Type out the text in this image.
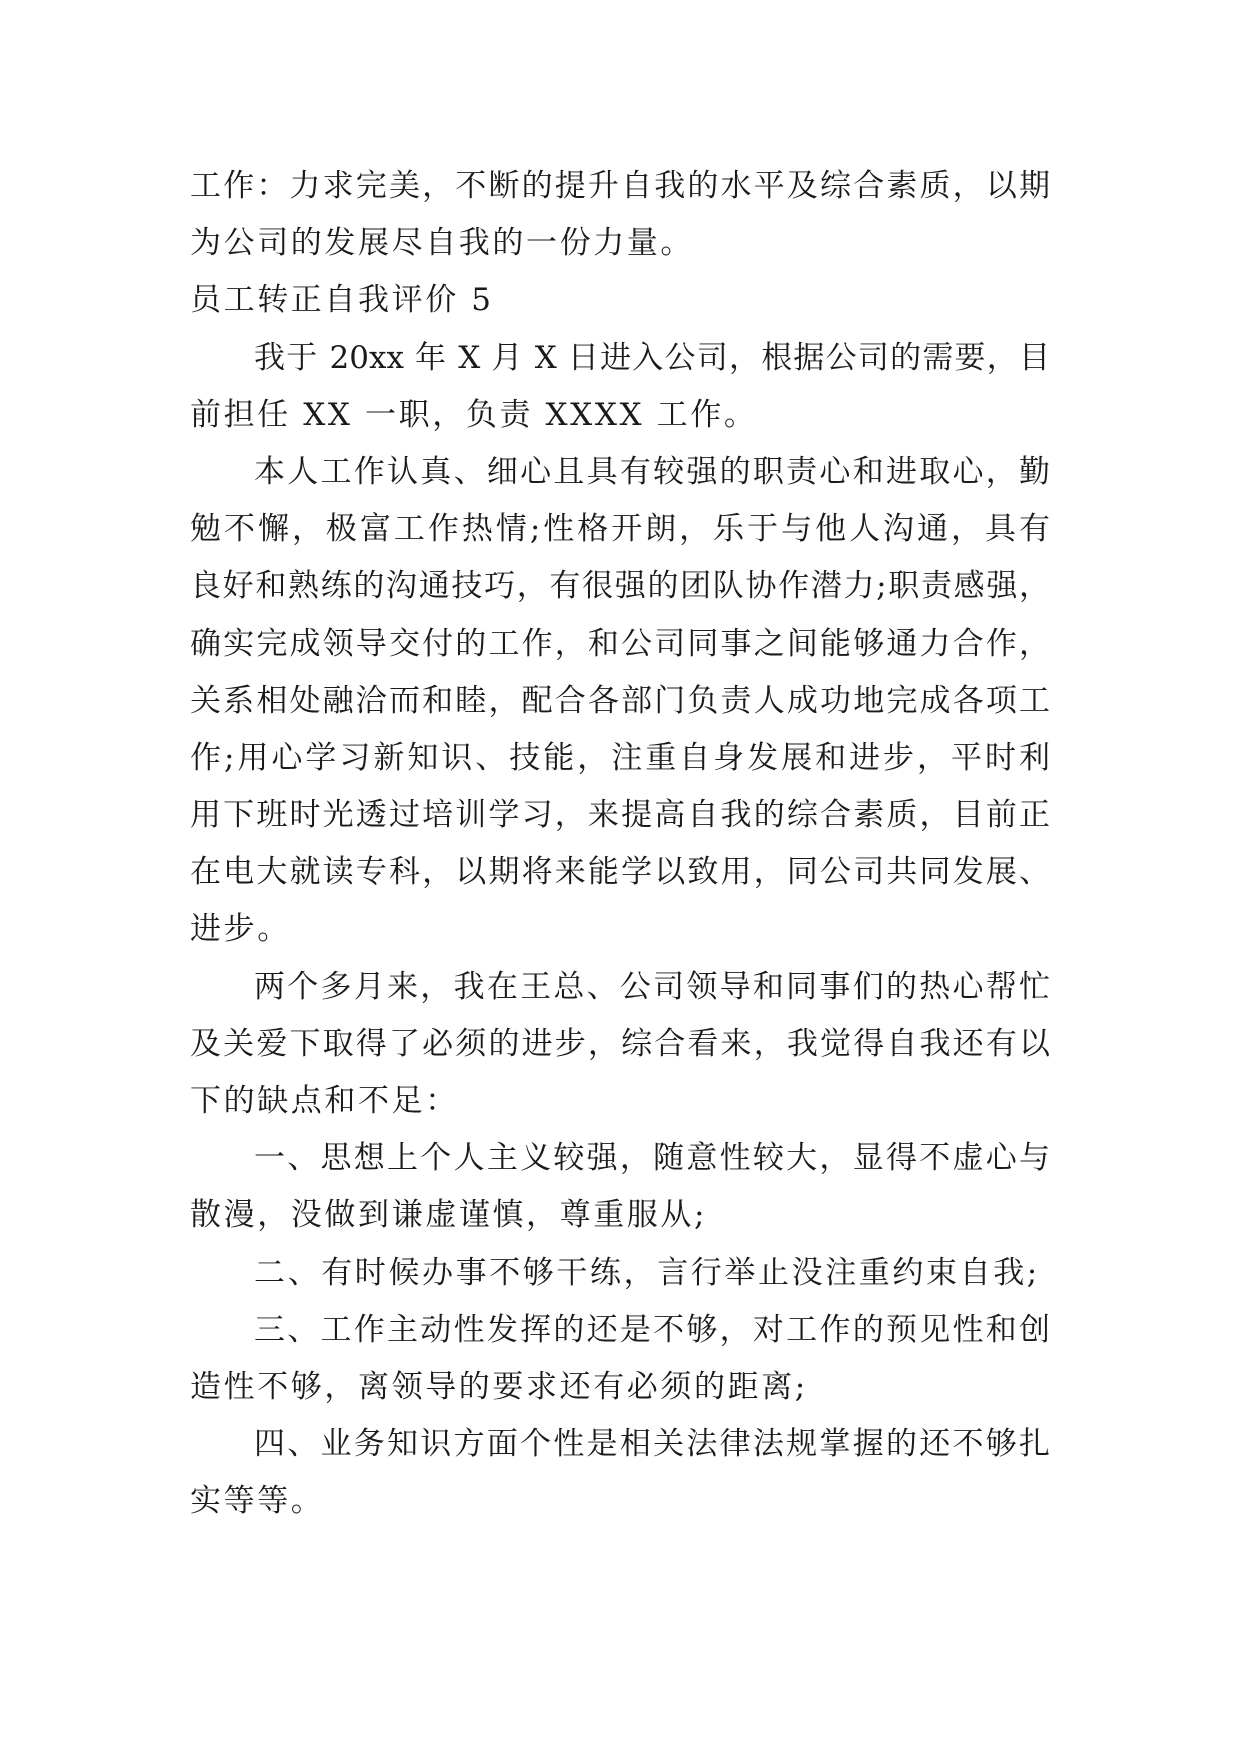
工作：力求完美，不断的提升自我的水平及综合素质，以期
为公司的发展尽自我的一份力量。
员工转正自我评价 5
我于 20xx 年 X 月 X 日进入公司，根据公司的需要，目
前担任 XX 一职，负责 XXXX 工作。
本人工作认真、细心且具有较强的职责心和进取心，勤
勉不懈，极富工作热情;性格开朗，乐于与他人沟通，具有
良好和熟练的沟通技巧，有很强的团队协作潜力;职责感强，
确实完成领导交付的工作，和公司同事之间能够通力合作，
关系相处融洽而和睦，配合各部门负责人成功地完成各项工
作;用心学习新知识、技能，注重自身发展和进步，平时利
用下班时光透过培训学习，来提高自我的综合素质，目前正
在电大就读专科，以期将来能学以致用，同公司共同发展、
进步。
两个多月来，我在王总、公司领导和同事们的热心帮忙
及关爱下取得了必须的进步，综合看来，我觉得自我还有以
下的缺点和不足：
一、思想上个人主义较强，随意性较大，显得不虚心与
散漫，没做到谦虚谨慎，尊重服从;
二、有时候办事不够干练，言行举止没注重约束自我;
三、工作主动性发挥的还是不够，对工作的预见性和创
造性不够，离领导的要求还有必须的距离;
四、业务知识方面个性是相关法律法规掌握的还不够扎
实等等。
